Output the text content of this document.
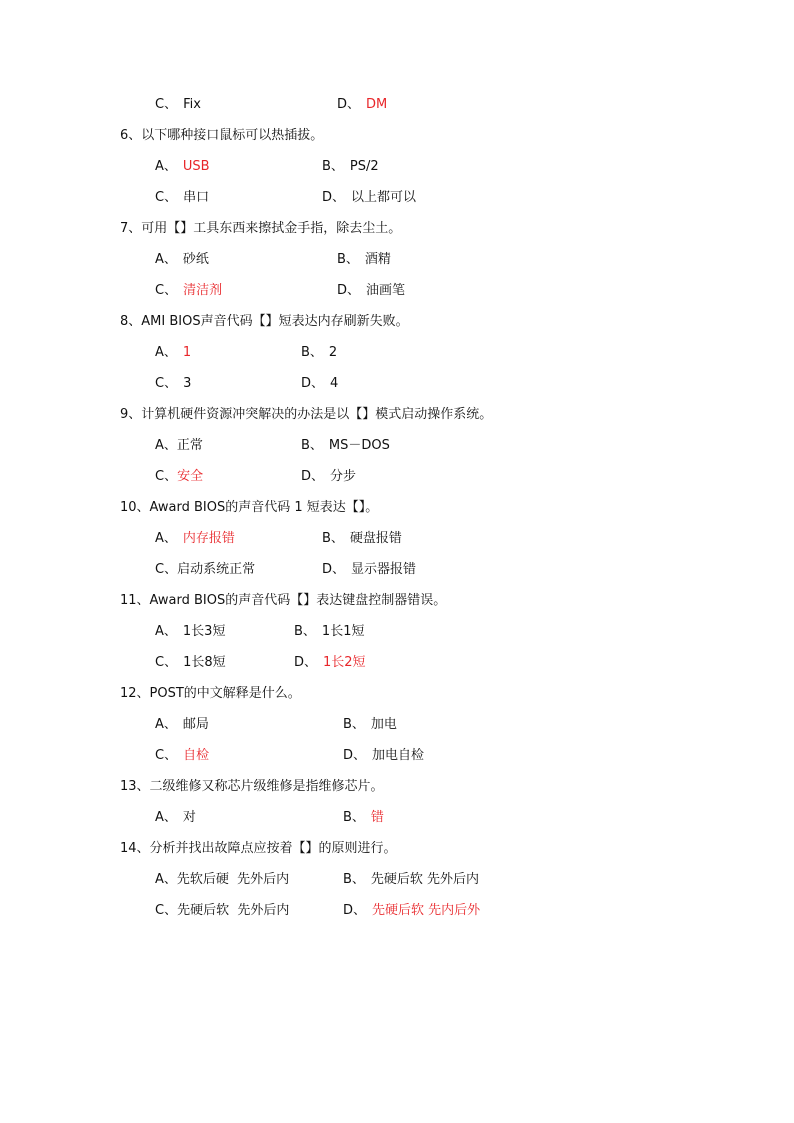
C、 Fix	D、 DM
6、以下哪种接口鼠标可以热插拔。
A、 USB	B、 PS/2
C、 串口	D、 以上都可以
7、可用【】工具东西来擦拭金手指，除去尘土。
A、 砂纸	B、 酒精
C、 清洁剂	D、 油画笔
8、AMI BIOS声音代码【】短表达内存刷新失败。
A、 1	B、 2
C、 3	D、 4
9、计算机硬件资源冲突解决的办法是以【】模式启动操作系统。
A、正常	B、 MS－DOS
C、安全	D、 分步
10、Award BIOS的声音代码 1 短表达【】。
A、 内存报错	B、 硬盘报错
C、启动系统正常	D、 显示器报错
11、Award BIOS的声音代码【】表达键盘控制器错误。
A、 1长3短	B、 1长1短
C、 1长8短	D、 1长2短
12、POST的中文解释是什么。
A、 邮局	B、 加电
C、 自检	D、 加电自检
13、二级维修又称芯片级维修是指维修芯片。
A、 对	B、 错
14、分析并找出故障点应按着【】的原则进行。
A、先软后硬  先外后内	B、 先硬后软 先外后内
C、先硬后软  先外后内	D、 先硬后软 先内后外
